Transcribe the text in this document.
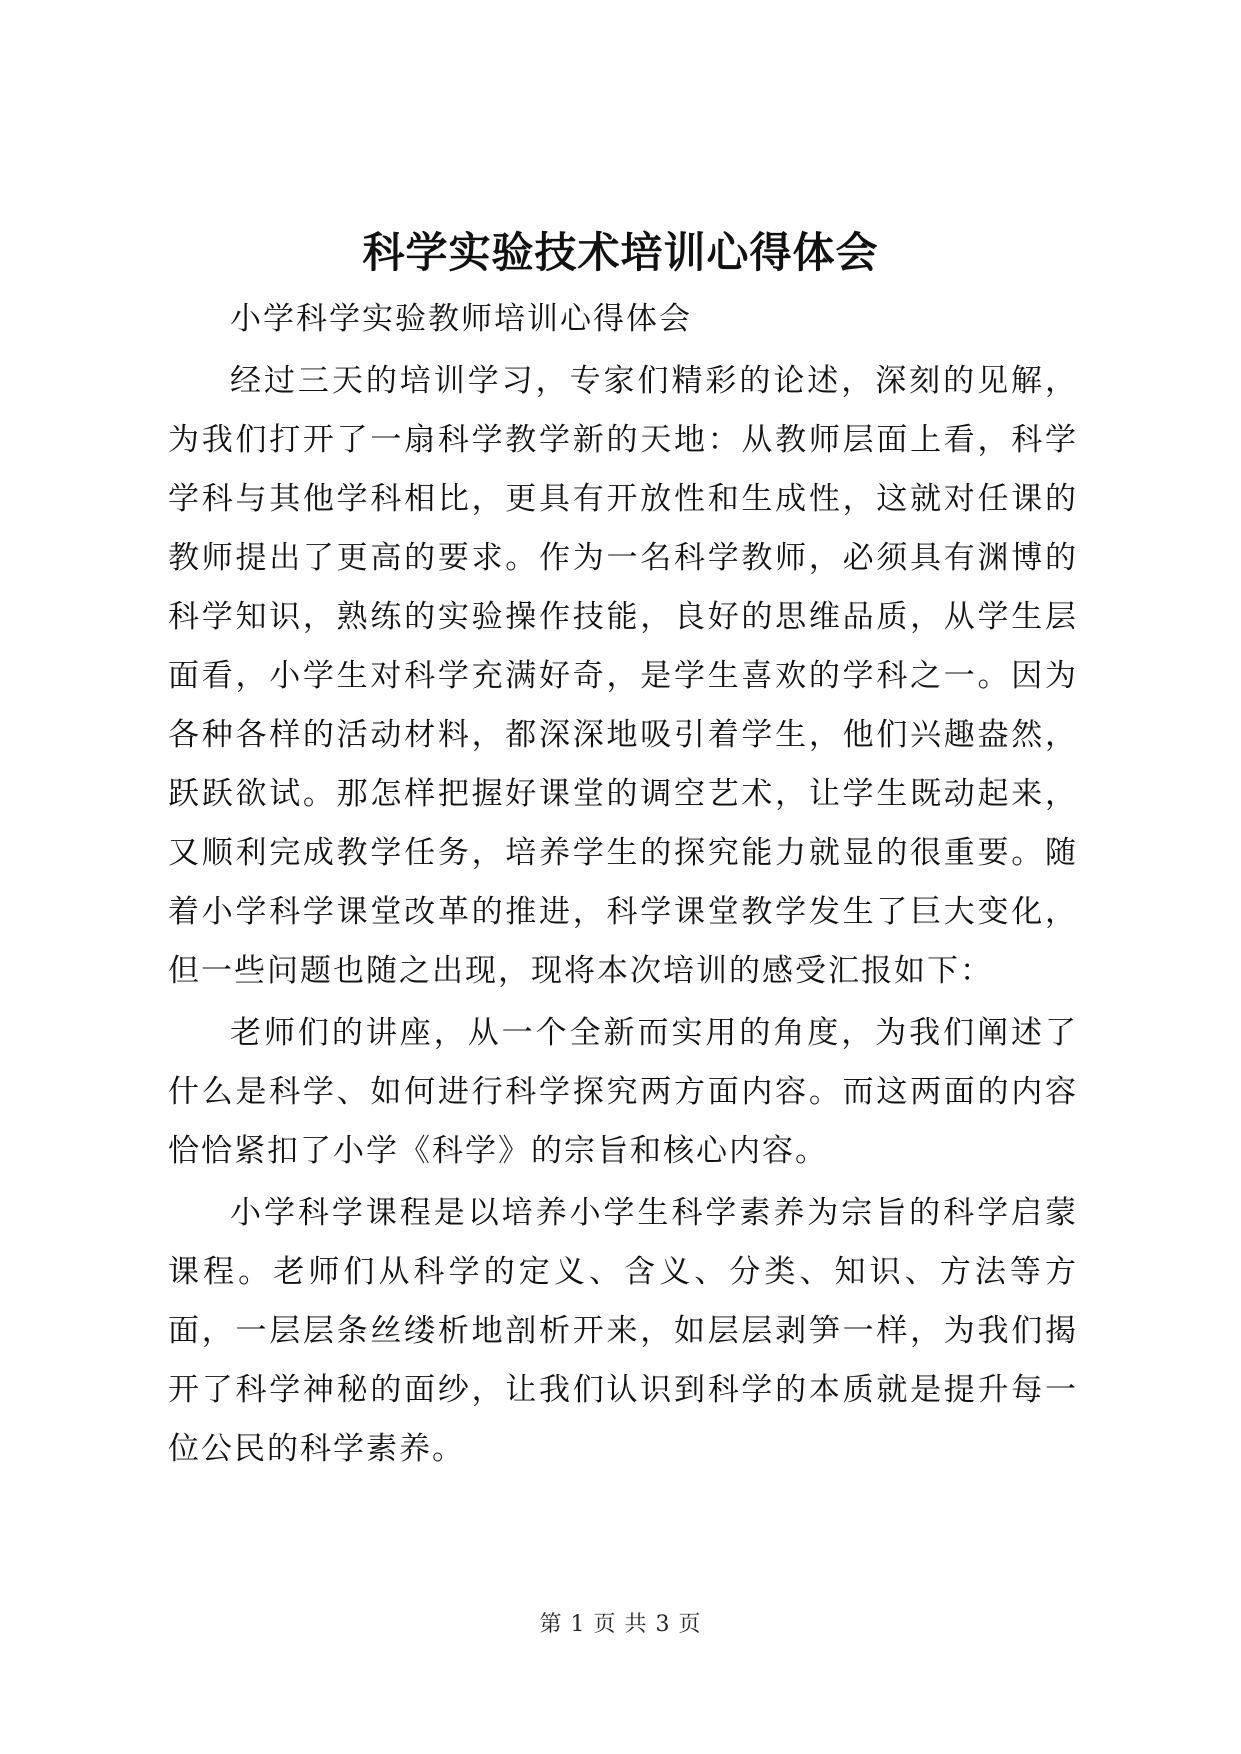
科学实验技术培训心得体会

小学科学实验教师培训心得体会

经过三天的培训学习，专家们精彩的论述，深刻的见解，为我们打开了一扇科学教学新的天地：从教师层面上看，科学学科与其他学科相比，更具有开放性和生成性，这就对任课的教师提出了更高的要求。作为一名科学教师，必须具有渊博的科学知识，熟练的实验操作技能，良好的思维品质，从学生层面看，小学生对科学充满好奇，是学生喜欢的学科之一。因为各种各样的活动材料，都深深地吸引着学生，他们兴趣盎然，跃跃欲试。那怎样把握好课堂的调空艺术，让学生既动起来，又顺利完成教学任务，培养学生的探究能力就显的很重要。随着小学科学课堂改革的推进，科学课堂教学发生了巨大变化，但一些问题也随之出现，现将本次培训的感受汇报如下：

老师们的讲座，从一个全新而实用的角度，为我们阐述了什么是科学、如何进行科学探究两方面内容。而这两面的内容恰恰紧扣了小学《科学》的宗旨和核心内容。

小学科学课程是以培养小学生科学素养为宗旨的科学启蒙课程。老师们从科学的定义、含义、分类、知识、方法等方面，一层层条丝缕析地剖析开来，如层层剥笋一样，为我们揭开了科学神秘的面纱，让我们认识到科学的本质就是提升每一位公民的科学素养。

第 1 页 共 3 页
